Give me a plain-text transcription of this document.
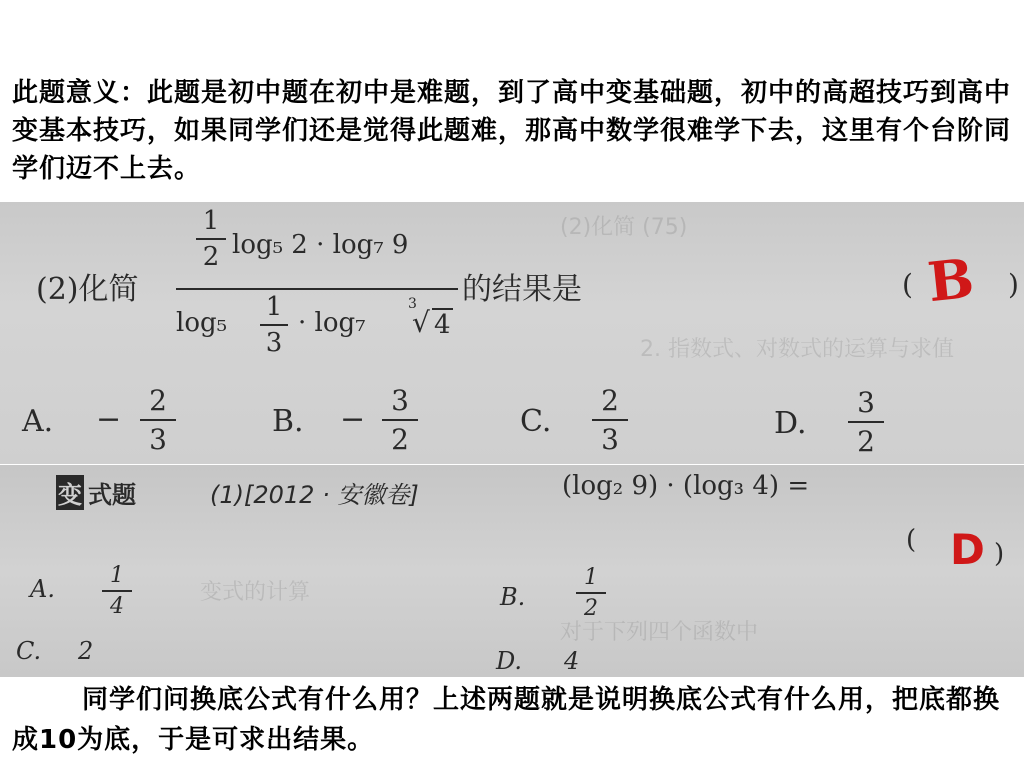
此题意义：此题是初中题在初中是难题，到了高中变基础题，初中的高超技巧到高中变基本技巧，如果同学们还是觉得此题难，那高中数学很难学下去，这里有个台阶同学们迈不上去。
(2)化简 (75)
2. 指数式、对数式的运算与求值
(2)化简
1
2 log₅ 2 · log₇ 9
log₅
1
3
· log₇
3
√ 4
的结果是	( B )
A. −
2
3
B. −
3
2
C.
2
3	D.
3
2
对于下列四个函数中
变式的计算
变 式题	(1)[2012 · 安徽卷]	(log₂ 9) · (log₃ 4) =
( D )
A.	1
4	B.
1
2
C. 2	D. 4
同学们问换底公式有什么用？上述两题就是说明换底公式有什么用，把底都换成10为底，于是可求出结果。
